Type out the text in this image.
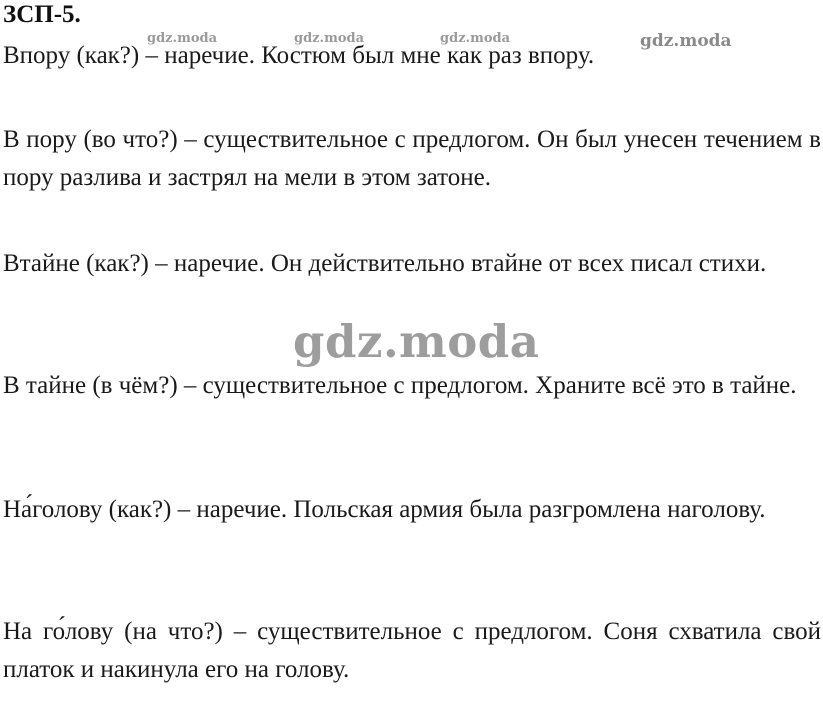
ЗСП-5.
gdz.moda	gdz.moda	gdz.moda	gdz.moda
Впору (как?) – наречие. Костюм был мне как раз впору.
В пору (во что?) – существительное с предлогом. Он был унесен течением в пору разлива и застрял на мели в этом затоне.
Втайне (как?) – наречие. Он действительно втайне от всех писал стихи.
gdz.moda
В тайне (в чём?) – существительное с предлогом. Храните всё это в тайне.
На́голову (как?) – наречие. Польская армия была разгромлена наголову.
На го́лову (на что?) – существительное с предлогом. Соня схватила свой платок и накинула его на голову.
